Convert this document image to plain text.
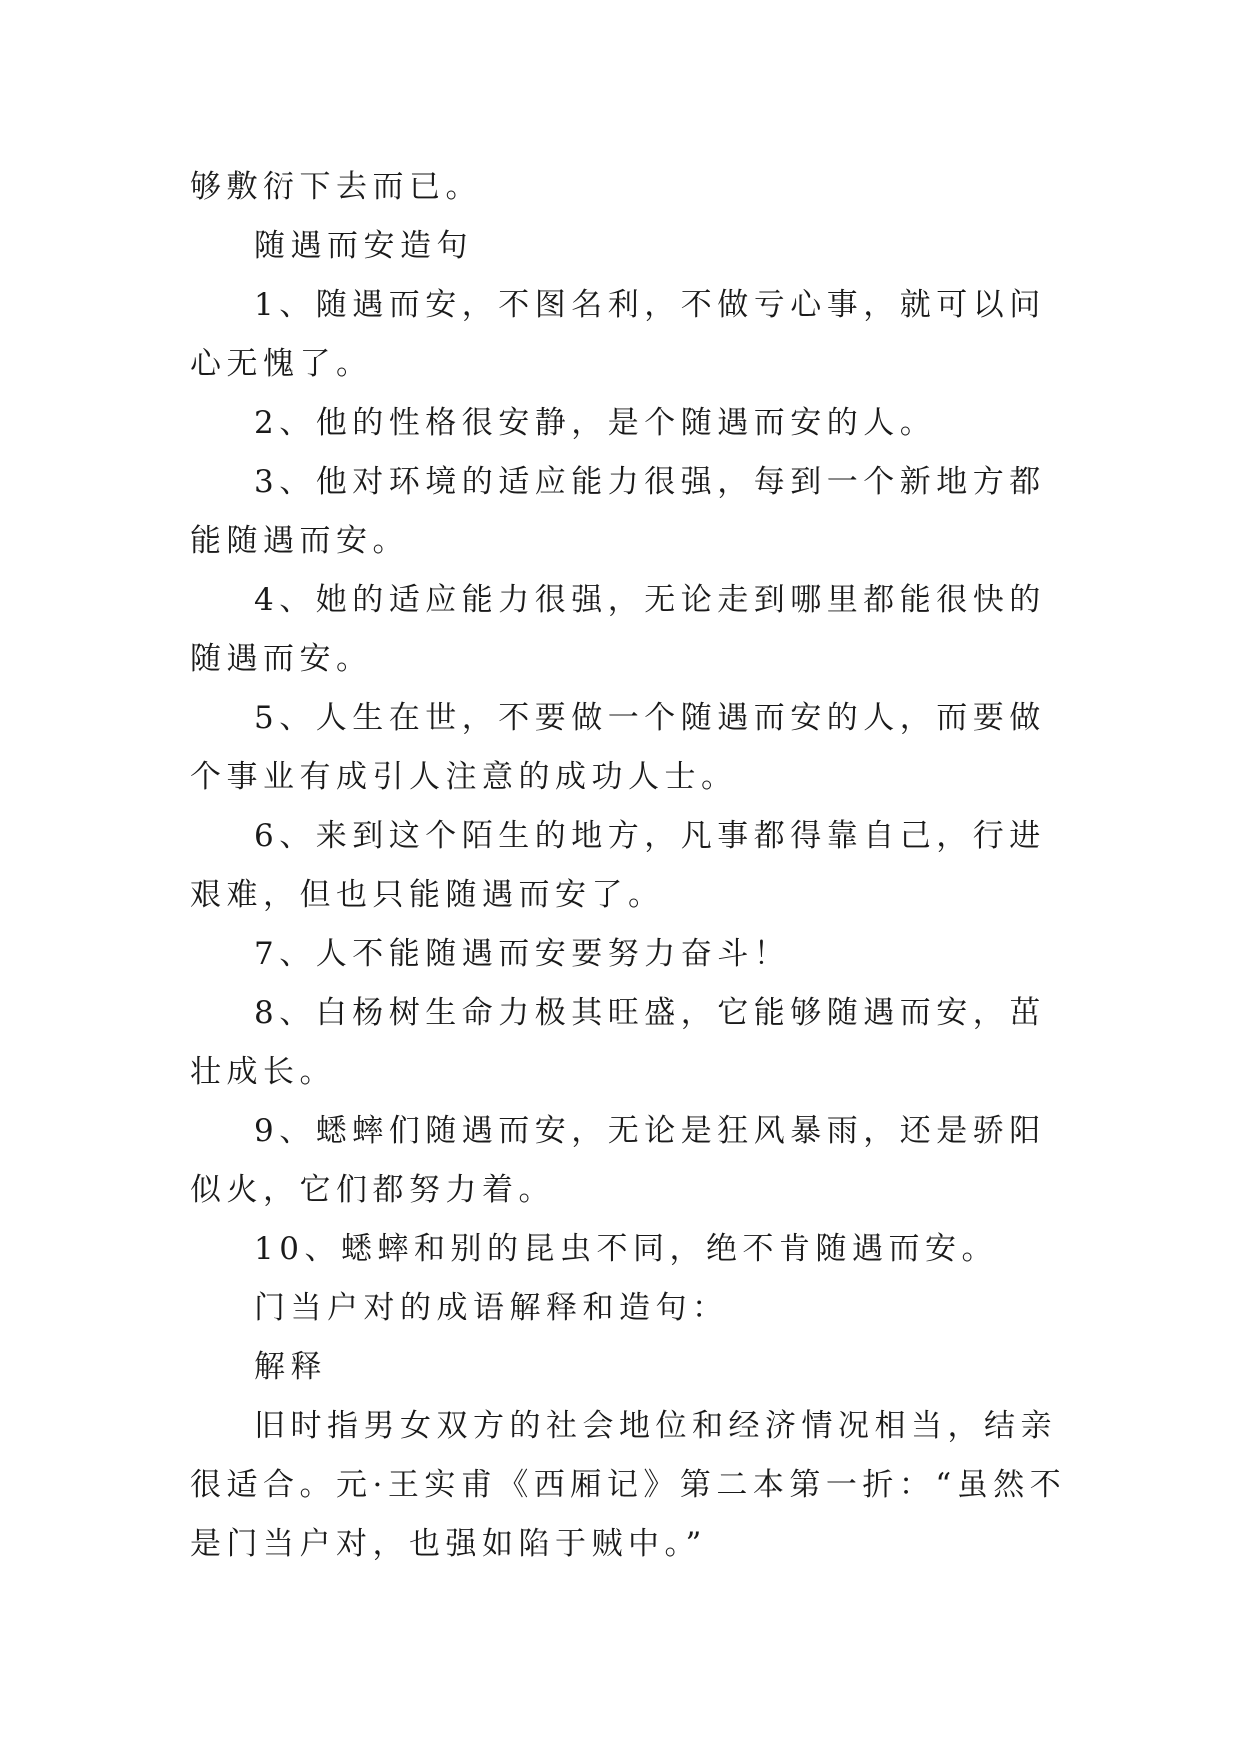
够敷衍下去而已。

随遇而安造句

1、随遇而安，不图名利，不做亏心事，就可以问心无愧了。

2、他的性格很安静，是个随遇而安的人。

3、他对环境的适应能力很强，每到一个新地方都能随遇而安。

4、她的适应能力很强，无论走到哪里都能很快的随遇而安。

5、人生在世，不要做一个随遇而安的人，而要做个事业有成引人注意的成功人士。

6、来到这个陌生的地方，凡事都得靠自己，行进艰难，但也只能随遇而安了。

7、人不能随遇而安要努力奋斗！

8、白杨树生命力极其旺盛，它能够随遇而安，茁壮成长。

9、蟋蟀们随遇而安，无论是狂风暴雨，还是骄阳似火，它们都努力着。

10、蟋蟀和别的昆虫不同，绝不肯随遇而安。

门当户对的成语解释和造句：

解释

旧时指男女双方的社会地位和经济情况相当，结亲很适合。元·王实甫《西厢记》第二本第一折：“虽然不是门当户对，也强如陷于贼中。”
